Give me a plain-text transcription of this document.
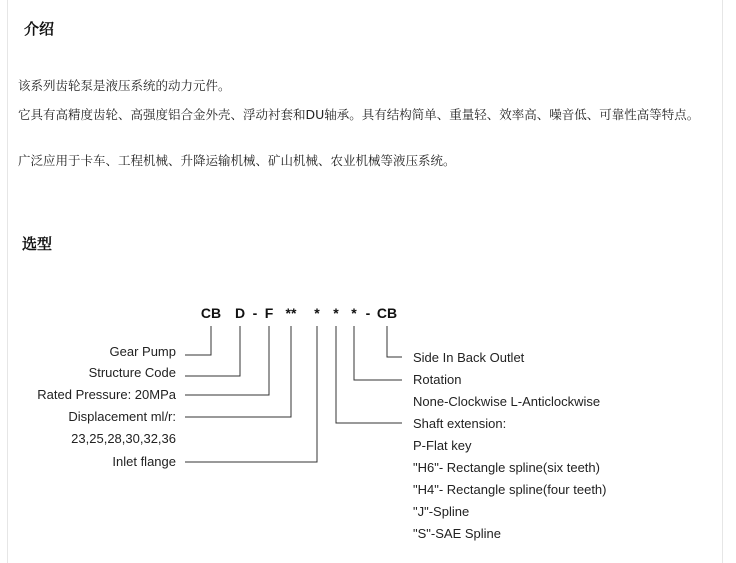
介绍
该系列齿轮泵是液压系统的动力元件。
它具有高精度齿轮、高强度铝合金外壳、浮动衬套和DU轴承。具有结构简单、重量轻、效率高、噪音低、可靠性高等特点。
广泛应用于卡车、工程机械、升降运输机械、矿山机械、农业机械等液压系统。
选型
CB D - F ** * * * - CB
Gear Pump
Structure Code
Rated Pressure: 20MPa
Displacement ml/r:
23,25,28,30,32,36
Inlet flange
Side In Back Outlet
Rotation
None-Clockwise L-Anticlockwise
Shaft extension:
P-Flat key
"H6"- Rectangle spline(six teeth)
"H4"- Rectangle spline(four teeth)
"J"-Spline
"S"-SAE Spline
